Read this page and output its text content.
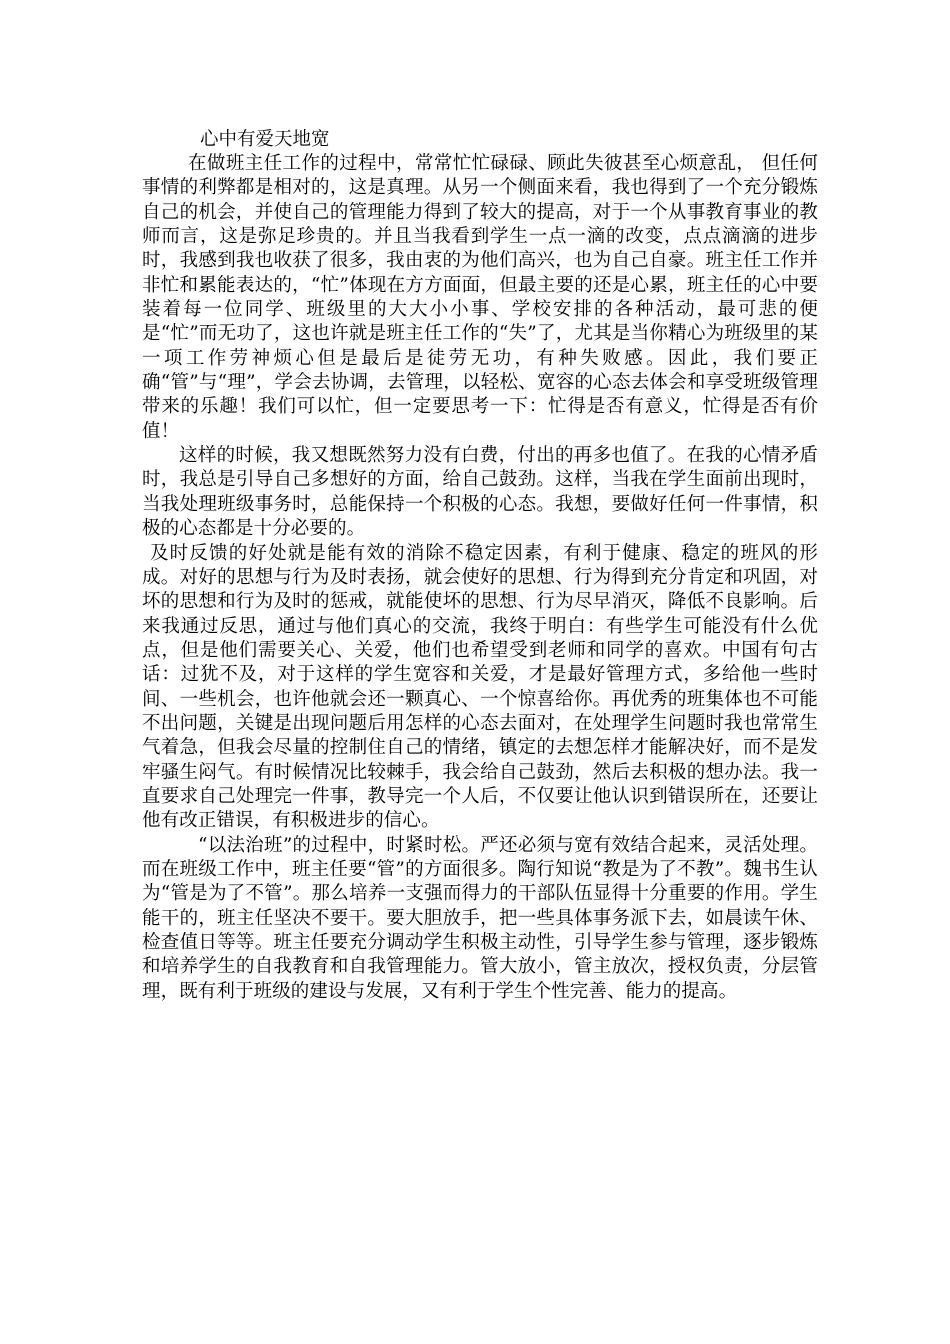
心中有爱天地宽

在做班主任工作的过程中，常常忙忙碌碌、顾此失彼甚至心烦意乱， 但任何事情的利弊都是相对的，这是真理。从另一个侧面来看，我也得到了一个充分锻炼自己的机会，并使自己的管理能力得到了较大的提高，对于一个从事教育事业的教师而言，这是弥足珍贵的。并且当我看到学生一点一滴的改变，点点滴滴的进步时，我感到我也收获了很多，我由衷的为他们高兴，也为自己自豪。班主任工作并非忙和累能表达的，“忙”体现在方方面面，但最主要的还是心累，班主任的心中要装着每一位同学、班级里的大大小小事、学校安排的各种活动，最可悲的便是“忙”而无功了，这也许就是班主任工作的“失”了，尤其是当你精心为班级里的某一项工作劳神烦心但是最后是徒劳无功，有种失败感。因此，我们要正确“管”与“理”，学会去协调，去管理，以轻松、宽容的心态去体会和享受班级管理带来的乐趣！我们可以忙，但一定要思考一下：忙得是否有意义，忙得是否有价值！

这样的时候，我又想既然努力没有白费，付出的再多也值了。在我的心情矛盾时，我总是引导自己多想好的方面，给自己鼓劲。这样，当我在学生面前出现时，当我处理班级事务时，总能保持一个积极的心态。我想，要做好任何一件事情，积极的心态都是十分必要的。

及时反馈的好处就是能有效的消除不稳定因素，有利于健康、稳定的班风的形成。对好的思想与行为及时表扬，就会使好的思想、行为得到充分肯定和巩固，对坏的思想和行为及时的惩戒，就能使坏的思想、行为尽早消灭，降低不良影响。后来我通过反思，通过与他们真心的交流，我终于明白：有些学生可能没有什么优点，但是他们需要关心、关爱，他们也希望受到老师和同学的喜欢。中国有句古话：过犹不及，对于这样的学生宽容和关爱，才是最好管理方式，多给他一些时间、一些机会，也许他就会还一颗真心、一个惊喜给你。再优秀的班集体也不可能不出问题，关键是出现问题后用怎样的心态去面对，在处理学生问题时我也常常生气着急，但我会尽量的控制住自己的情绪，镇定的去想怎样才能解决好，而不是发牢骚生闷气。有时候情况比较棘手，我会给自己鼓劲，然后去积极的想办法。我一直要求自己处理完一件事，教导完一个人后，不仅要让他认识到错误所在，还要让他有改正错误，有积极进步的信心。

“以法治班”的过程中，时紧时松。严还必须与宽有效结合起来，灵活处理。而在班级工作中，班主任要“管”的方面很多。陶行知说“教是为了不教”。魏书生认为“管是为了不管”。那么培养一支强而得力的干部队伍显得十分重要的作用。学生能干的，班主任坚决不要干。要大胆放手，把一些具体事务派下去，如晨读午休、检查值日等等。班主任要充分调动学生积极主动性，引导学生参与管理，逐步锻炼和培养学生的自我教育和自我管理能力。管大放小，管主放次，授权负责，分层管理，既有利于班级的建设与发展，又有利于学生个性完善、能力的提高。
